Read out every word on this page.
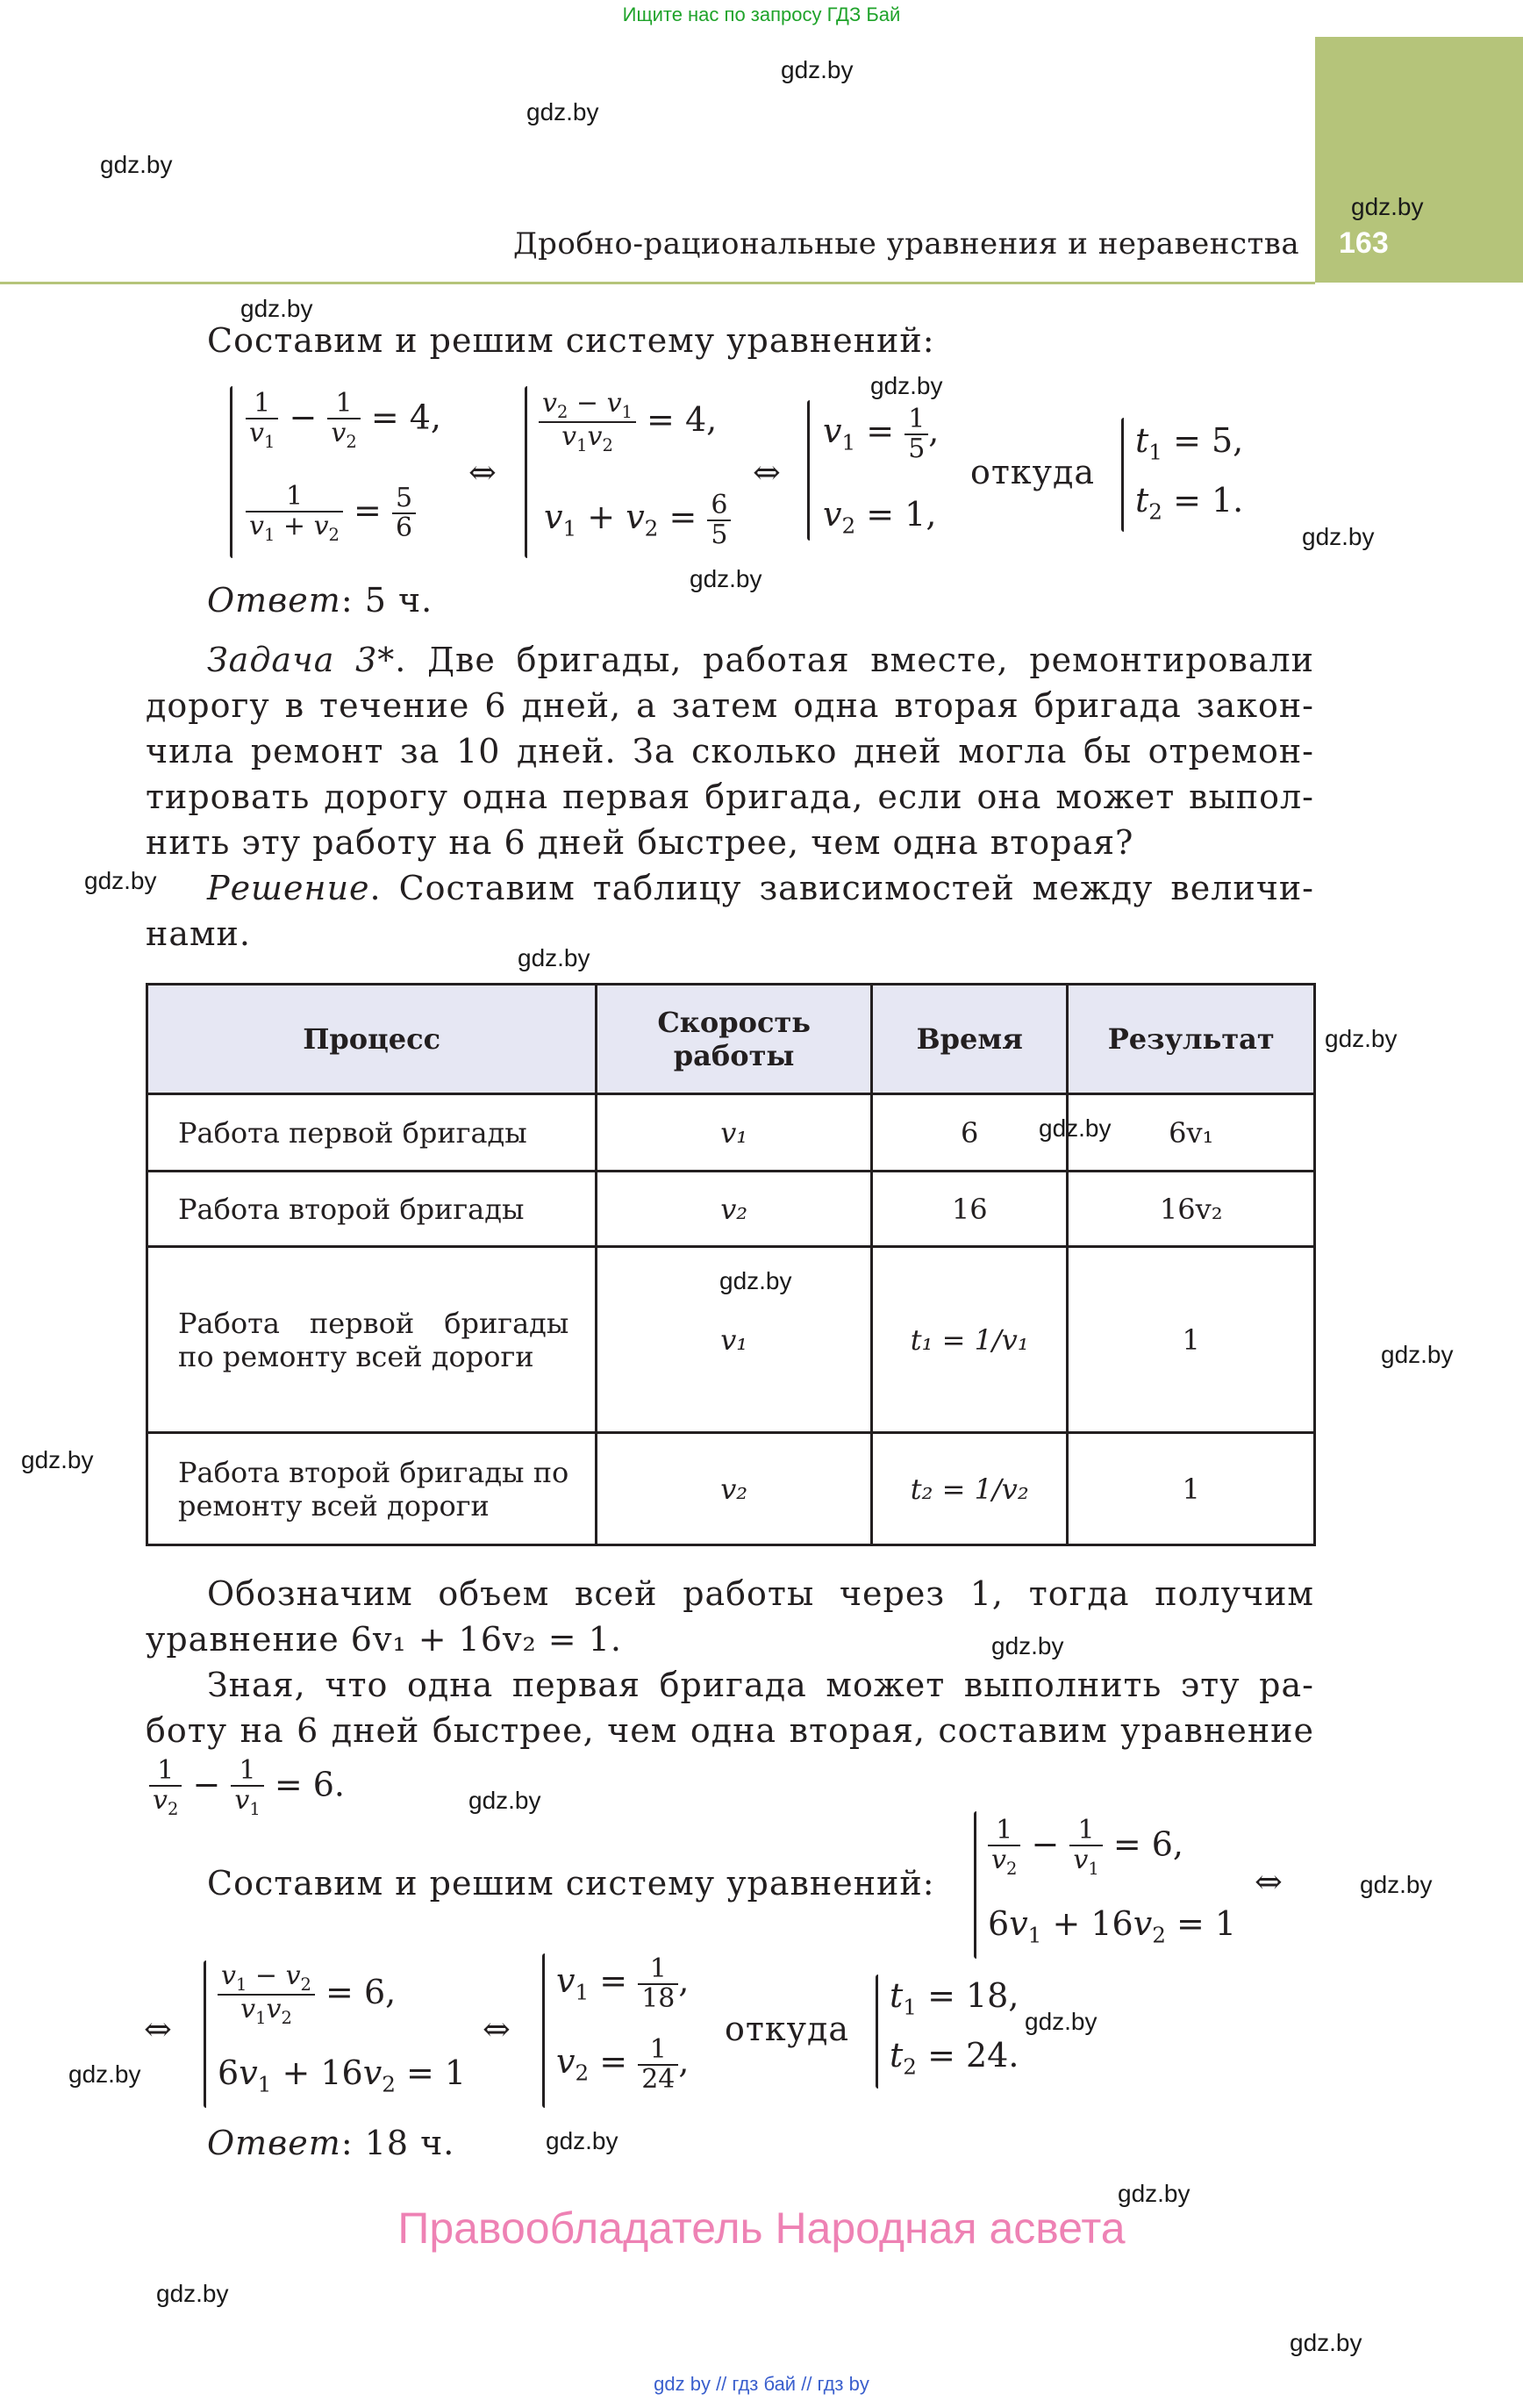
Ищите нас по запросу ГДЗ Бай
Дробно-рациональные уравнения и неравенства 163
gdz.by
gdz.by
gdz.by
gdz.by
gdz.by
gdz.by
gdz.by
gdz.by
gdz.by
gdz.by
gdz.by
gdz.by
gdz.by
gdz.by
gdz.by
gdz.by
gdz.by
gdz.by
gdz.by
gdz.by
gdz.by
gdz.by
gdz.by
gdz.by
Составим и решим систему уравнений:
$\frac{1}{v_1} - \frac{1}{v_2} = 4$,
$\frac{1}{v_1 + v_2} = \frac{5}{6}$
⇔
$\frac{v_2 - v_1}{v_1v_2} = 4$,
$v_1 + v_2 = \frac{6}{5}$
⇔
$v_1 = \frac{1}{5}$ ,
$v_2 = 1$,
откуда
$t_1 = 5$,
$t_2 = 1$.
Ответ: 5 ч.
Задача 3*. Две бригады, работая вместе, ремонтировали
дорогу в течение 6 дней, а затем одна вторая бригада закон-
чила ремонт за 10 дней. За сколько дней могла бы отремон-
тировать дорогу одна первая бригада, если она может выпол-
нить эту работу на 6 дней быстрее, чем одна вторая?
Решение. Составим таблицу зависимостей между величи-
нами.
Процесс	Скорость работы	Время	Результат
Работа первой бригады	v₁	6	6v₁
Работа второй бригады	v₂	16	16v₂
Работа первой бригады по ремонту всей дороги	v₁	t₁ = 1/v₁	1
Работа второй бригады по ремонту всей дороги	v₂	t₂ = 1/v₂	1
Обозначим объем всей работы через 1, тогда получим
уравнение 6v₁ + 16v₂ = 1.
Зная, что одна первая бригада может выполнить эту ра-
боту на 6 дней быстрее, чем одна вторая, составим уравнение
$\frac{1}{v_2} - \frac{1}{v_1} = 6$.
Составим и решим систему уравнений:
$\frac{1}{v_2} - \frac{1}{v_1} = 6$,
$6v_1 + 16v_2 = 1$
⇔
⇔
$\frac{v_1 - v_2}{v_1v_2} = 6$,
$6v_1 + 16v_2 = 1$
⇔
$v_1 = \frac{1}{18}$ ,
$v_2 = \frac{1}{24}$ ,
откуда
$t_1 = 18$,
$t_2 = 24$.
Ответ: 18 ч.
Правообладатель Народная асвета
gdz by // гдз бай // гдз by
